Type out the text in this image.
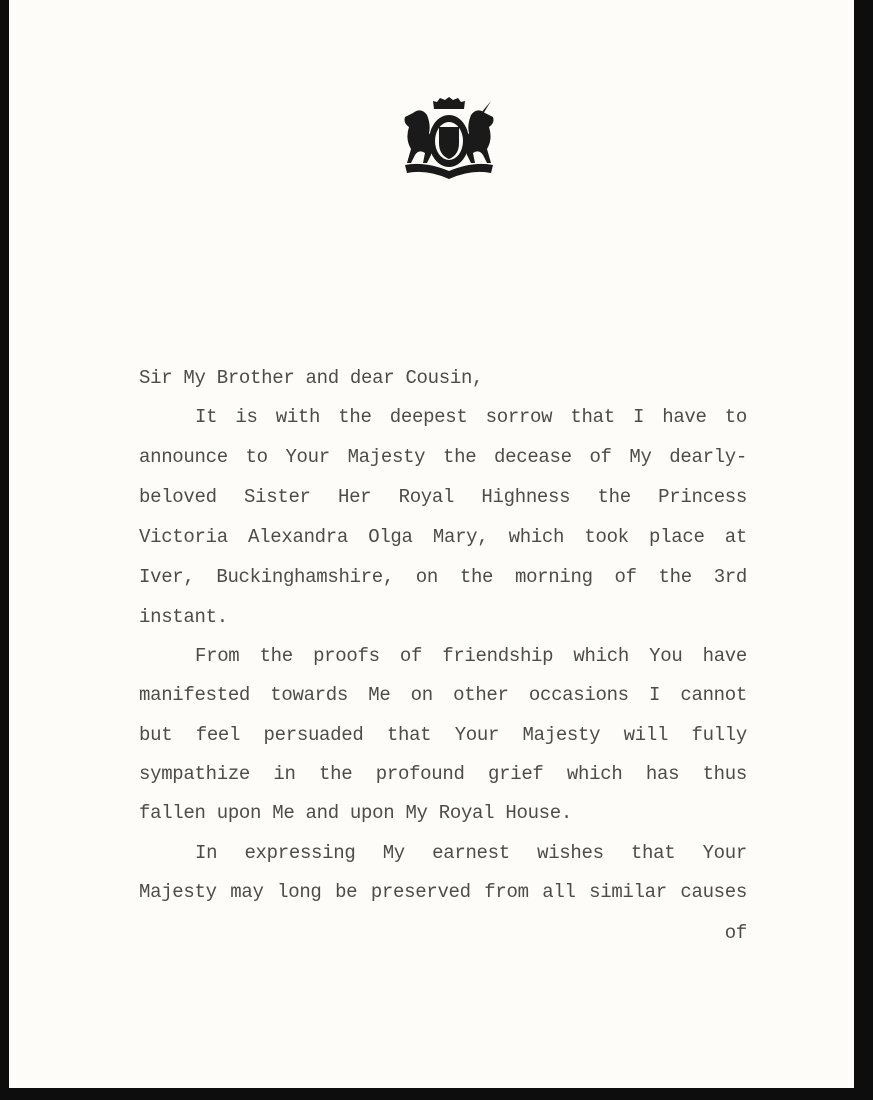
Sir My Brother and dear Cousin,
It is with the deepest sorrow that I have to
announce to Your Majesty the decease of My dearly-
beloved Sister Her Royal Highness the Princess
Victoria Alexandra Olga Mary, which took place at
Iver, Buckinghamshire, on the morning of the 3rd
instant.
From the proofs of friendship which You have
manifested towards Me on other occasions I cannot
but feel persuaded that Your Majesty will fully
sympathize in the profound grief which has thus
fallen upon Me and upon My Royal House.
In expressing My earnest wishes that Your
Majesty may long be preserved from all similar causes
of
